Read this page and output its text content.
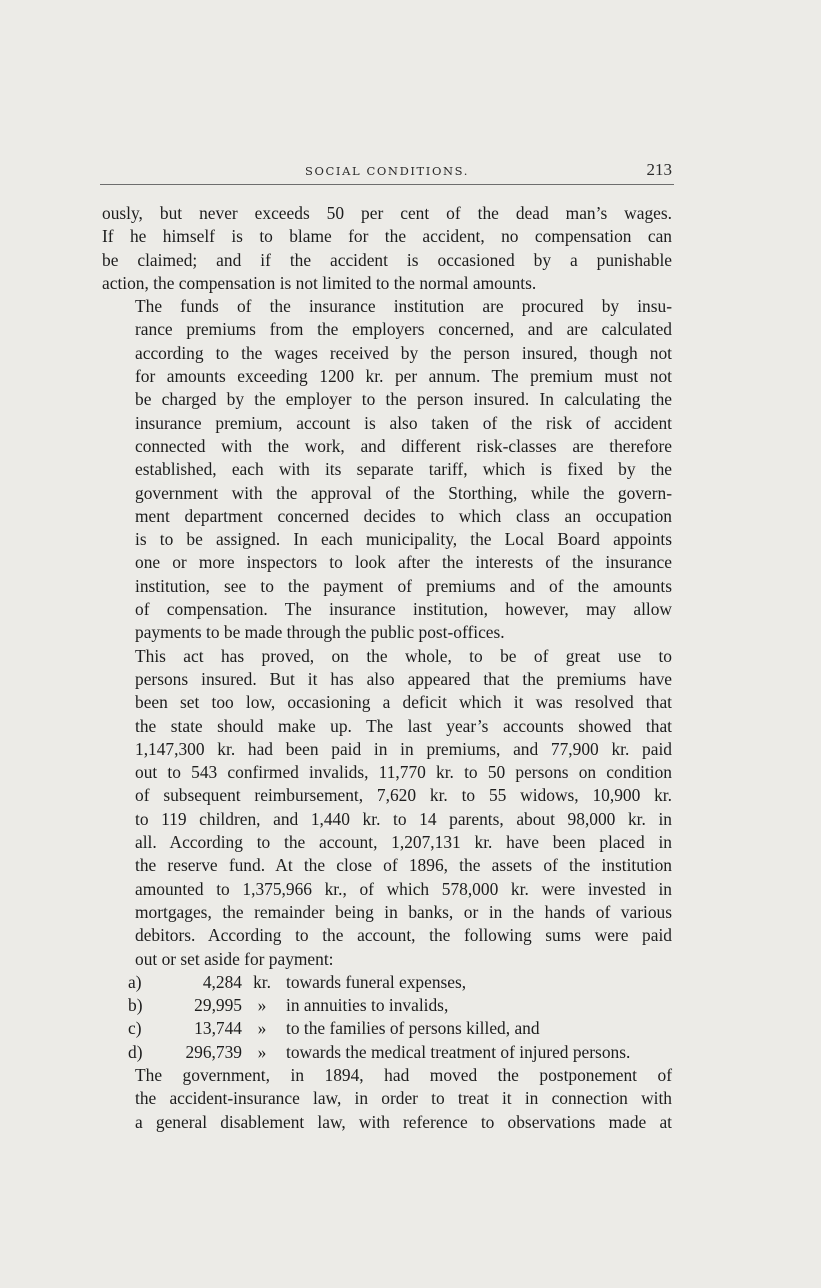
SOCIAL CONDITIONS.	213

ously, but never exceeds 50 per cent of the dead man’s wages.
If he himself is to blame for the accident, no compensation can
be claimed; and if the accident is occasioned by a punishable
action, the compensation is not limited to the normal amounts.

The funds of the insurance institution are procured by insu-
rance premiums from the employers concerned, and are calculated
according to the wages received by the person insured, though not
for amounts exceeding 1200 kr. per annum. The premium must not
be charged by the employer to the person insured. In calculating the
insurance premium, account is also taken of the risk of accident
connected with the work, and different risk-classes are therefore
established, each with its separate tariff, which is fixed by the
government with the approval of the Storthing, while the govern-
ment department concerned decides to which class an occupation
is to be assigned. In each municipality, the Local Board appoints
one or more inspectors to look after the interests of the insurance
institution, see to the payment of premiums and of the amounts
of compensation. The insurance institution, however, may allow
payments to be made through the public post-offices.

This act has proved, on the whole, to be of great use to
persons insured. But it has also appeared that the premiums have
been set too low, occasioning a deficit which it was resolved that
the state should make up. The last year’s accounts showed that
1,147,300 kr. had been paid in in premiums, and 77,900 kr. paid
out to 543 confirmed invalids, 11,770 kr. to 50 persons on condition
of subsequent reimbursement, 7,620 kr. to 55 widows, 10,900 kr.
to 119 children, and 1,440 kr. to 14 parents, about 98,000 kr. in
all. According to the account, 1,207,131 kr. have been placed in
the reserve fund. At the close of 1896, the assets of the institution
amounted to 1,375,966 kr., of which 578,000 kr. were invested in
mortgages, the remainder being in banks, or in the hands of various
debitors. According to the account, the following sums were paid
out or set aside for payment:

a)	4,284 kr. towards funeral expenses,
b)	29,995 »	in annuities to invalids,
c)	13,744 »	to the families of persons killed, and
d)	296,739 »	towards the medical treatment of injured persons.

The government, in 1894, had moved the postponement of
the accident-insurance law, in order to treat it in connection with
a general disablement law, with reference to observations made at
